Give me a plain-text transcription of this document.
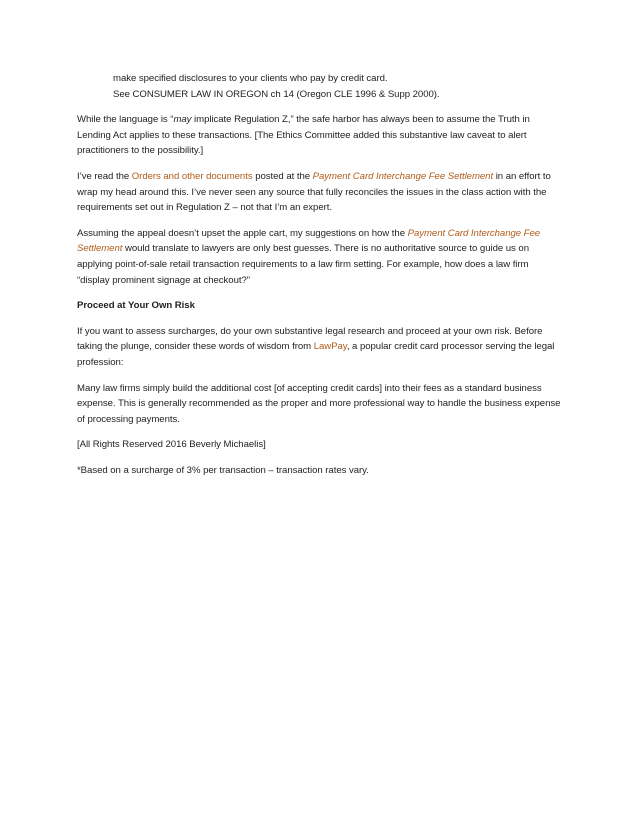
make specified disclosures to your clients who pay by credit card.

See CONSUMER LAW IN OREGON ch 14 (Oregon CLE 1996 & Supp 2000).

While the language is “may implicate Regulation Z,” the safe harbor has always been to assume the Truth in Lending Act applies to these transactions. [The Ethics Committee added this substantive law caveat to alert practitioners to the possibility.]

I’ve read the Orders and other documents posted at the Payment Card Interchange Fee Settlement in an effort to wrap my head around this. I’ve never seen any source that fully reconciles the issues in the class action with the requirements set out in Regulation Z – not that I’m an expert.

Assuming the appeal doesn’t upset the apple cart, my suggestions on how the Payment Card Interchange Fee Settlement would translate to lawyers are only best guesses. There is no authoritative source to guide us on applying point-of-sale retail transaction requirements to a law firm setting. For example, how does a law firm “display prominent signage at checkout?”

Proceed at Your Own Risk

If you want to assess surcharges, do your own substantive legal research and proceed at your own risk. Before taking the plunge, consider these words of wisdom from LawPay, a popular credit card processor serving the legal profession:

Many law firms simply build the additional cost [of accepting credit cards] into their fees as a standard business expense. This is generally recommended as the proper and more professional way to handle the business expense of processing payments.

[All Rights Reserved 2016 Beverly Michaelis]

*Based on a surcharge of 3% per transaction – transaction rates vary.
